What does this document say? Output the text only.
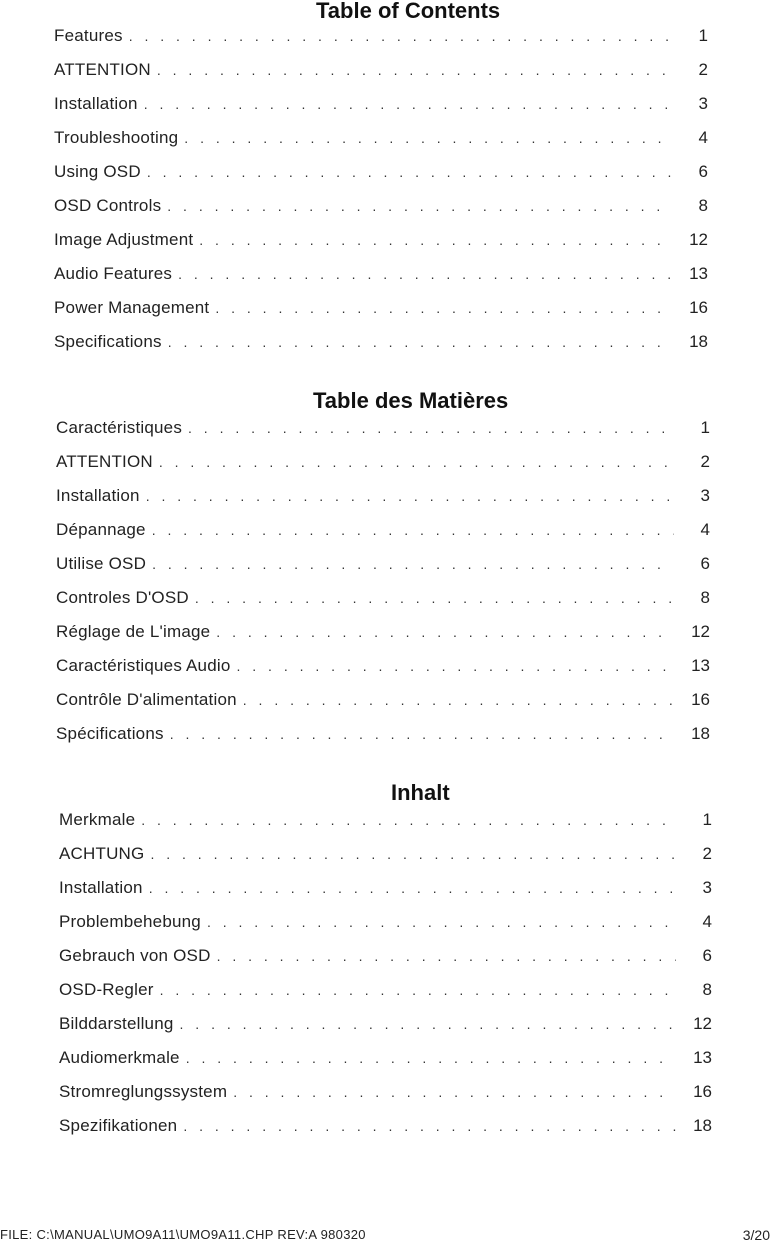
Table of Contents
Features . . .	1
ATTENTION . . .	2
Installation . . .	3
Troubleshooting . . .	4
Using OSD . . .	6
OSD Controls . . .	8
Image Adjustment . . .	12
Audio Features . . .	13
Power Management . . .	16
Specifications . . .	18
Table des Matières
Caractéristiques . . .	1
ATTENTION . . .	2
Installation . . .	3
Dépannage . . .	4
Utilise OSD . . .	6
Controles D'OSD . . .	8
Réglage de L'image . . .	12
Caractéristiques Audio . . .	13
Contrôle D'alimentation . . .	16
Spécifications . . .	18
Inhalt
Merkmale . . .	1
ACHTUNG . . .	2
Installation . . .	3
Problembehebung . . .	4
Gebrauch von OSD . . .	6
OSD-Regler . . .	8
Bilddarstellung . . .	12
Audiomerkmale . . .	13
Stromreglungssystem . . .	16
Spezifikationen . . .	18
FILE: C:\MANUAL\UMO9A11\UMO9A11.CHP REV:A 980320	3/20
